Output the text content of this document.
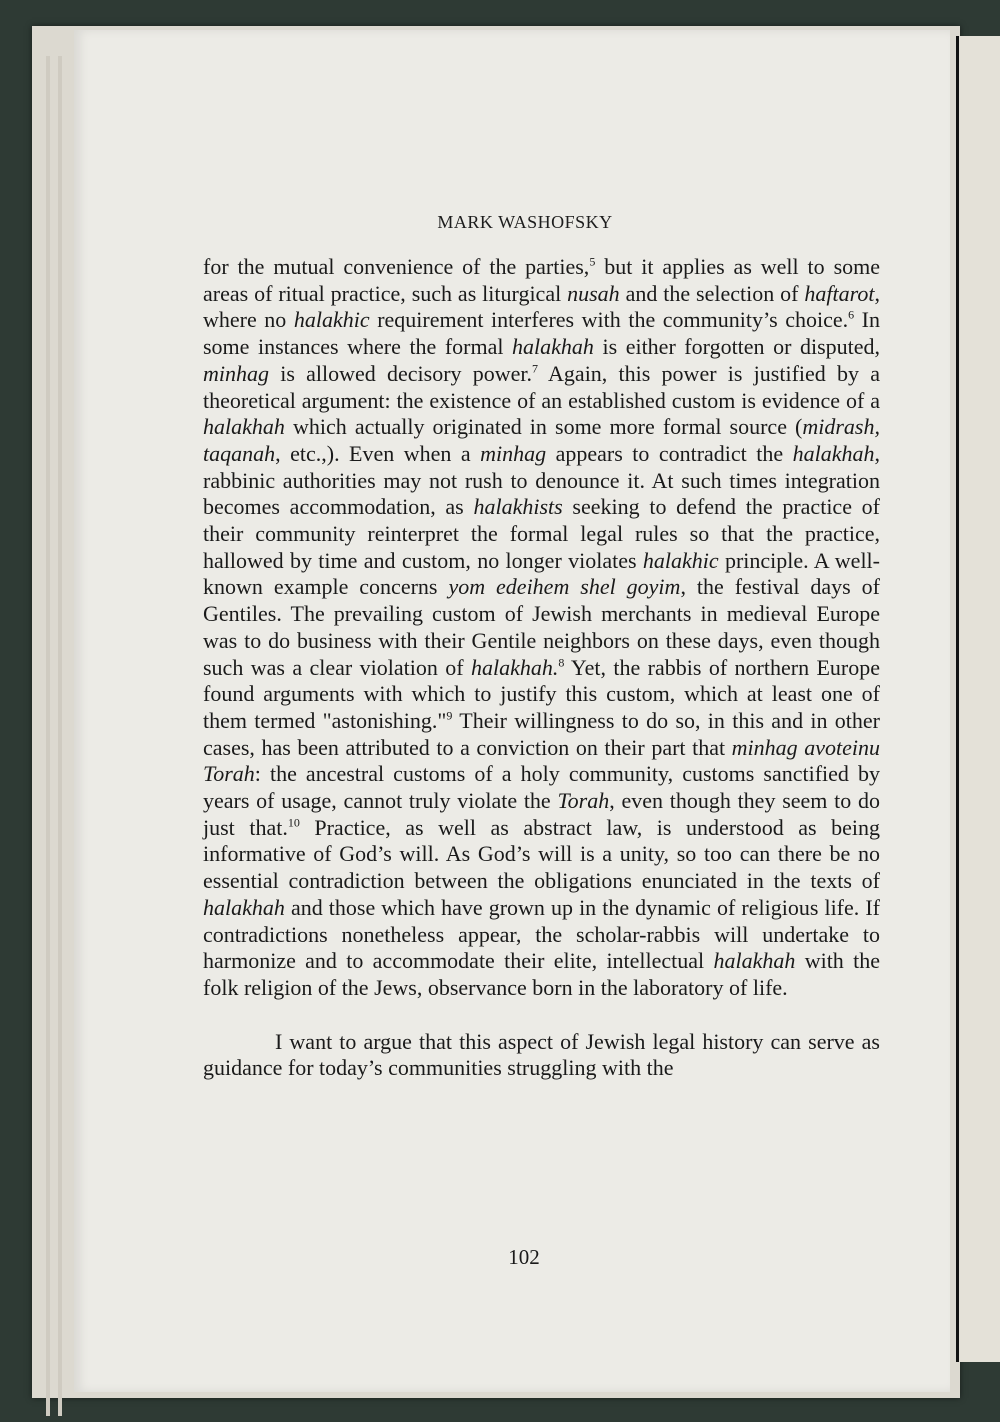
MARK WASHOFSKY

for the mutual convenience of the parties,$^5$ but it applies as well to some areas of ritual practice, such as liturgical nusah and the selection of haftarot, where no halakhic requirement interferes with the community’s choice.$^6$ In some instances where the formal halakhah is either forgotten or disputed, minhag is allowed decisory power.$^7$ Again, this power is justified by a theoretical argument: the existence of an established custom is evidence of a halakhah which actually originated in some more formal source (midrash, taqanah, etc.,). Even when a minhag appears to contradict the halakhah, rabbinic authorities may not rush to denounce it. At such times integration becomes accommodation, as halakhists seeking to defend the practice of their community reinterpret the formal legal rules so that the practice, hallowed by time and custom, no longer violates halakhic principle. A well-known example concerns yom edeihem shel goyim, the festival days of Gentiles. The prevailing custom of Jewish merchants in medieval Europe was to do business with their Gentile neighbors on these days, even though such was a clear violation of halakhah.$^8$ Yet, the rabbis of northern Europe found arguments with which to justify this custom, which at least one of them termed "astonishing."$^9$ Their willingness to do so, in this and in other cases, has been attributed to a conviction on their part that minhag avoteinu Torah: the ancestral customs of a holy community, customs sanctified by years of usage, cannot truly violate the Torah, even though they seem to do just that.$^{10}$ Practice, as well as abstract law, is understood as being informative of God’s will. As God’s will is a unity, so too can there be no essential contradiction between the obligations enunciated in the texts of halakhah and those which have grown up in the dynamic of religious life. If contradictions nonetheless appear, the scholar-rabbis will undertake to harmonize and to accommodate their elite, intellectual halakhah with the folk religion of the Jews, observance born in the laboratory of life.

I want to argue that this aspect of Jewish legal history can serve as guidance for today’s communities struggling with the

102
